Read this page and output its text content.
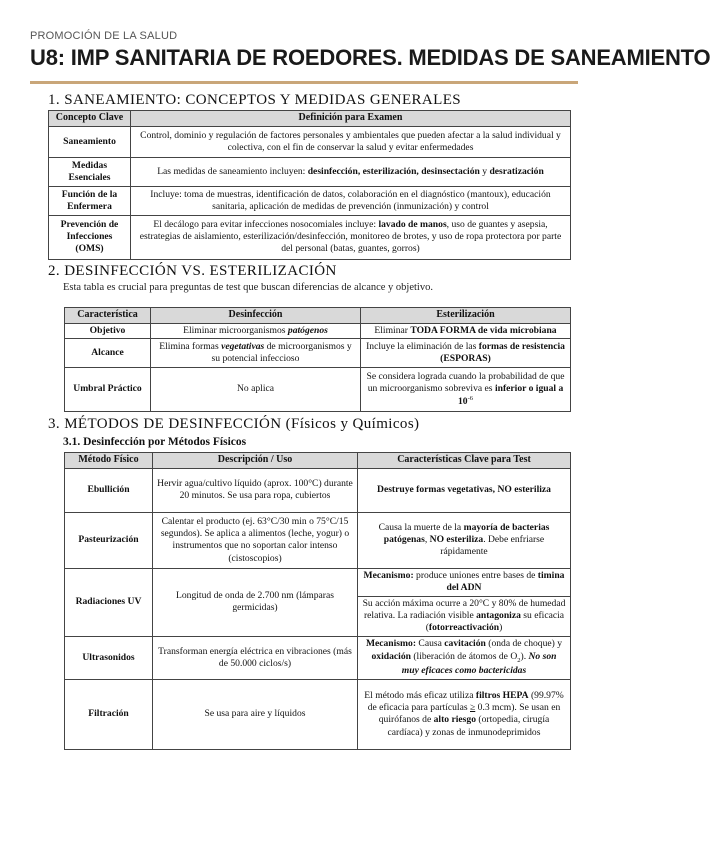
PROMOCIÓN DE LA SALUD
U8: IMP SANITARIA DE ROEDORES. MEDIDAS DE SANEAMIENTO
1. SANEAMIENTO: CONCEPTOS Y MEDIDAS GENERALES
Concepto Clave	Definición para Examen
Saneamiento	Control, dominio y regulación de factores personales y ambientales que pueden afectar a la salud individual y colectiva, con el fin de conservar la salud y evitar enfermedades
Medidas Esenciales	Las medidas de saneamiento incluyen: desinfección, esterilización, desinsectación y desratización
Función de la Enfermera	Incluye: toma de muestras, identificación de datos, colaboración en el diagnóstico (mantoux), educación sanitaria, aplicación de medidas de prevención (inmunización) y control
Prevención de Infecciones (OMS)	El decálogo para evitar infecciones nosocomiales incluye: lavado de manos, uso de guantes y asepsia, estrategias de aislamiento, esterilización/desinfección, monitoreo de brotes, y uso de ropa protectora por parte del personal (batas, guantes, gorros)
2. DESINFECCIÓN VS. ESTERILIZACIÓN
Esta tabla es crucial para preguntas de test que buscan diferencias de alcance y objetivo.
Característica	Desinfección	Esterilización
Objetivo	Eliminar microorganismos patógenos	Eliminar TODA FORMA de vida microbiana
Alcance	Elimina formas vegetativas de microorganismos y su potencial infeccioso	Incluye la eliminación de las formas de resistencia (ESPORAS)
Umbral Práctico	No aplica	Se considera lograda cuando la probabilidad de que un microorganismo sobreviva es inferior o igual a $10^{-6}$
3. MÉTODOS DE DESINFECCIÓN (Físicos y Químicos)
3.1. Desinfección por Métodos Físicos
Método Físico	Descripción / Uso	Características Clave para Test
Ebullición	Hervir agua/cultivo líquido (aprox. 100°C) durante 20 minutos. Se usa para ropa, cubiertos	Destruye formas vegetativas, NO esteriliza
Pasteurización	Calentar el producto (ej. 63°C/30 min o 75°C/15 segundos). Se aplica a alimentos (leche, yogur) o instrumentos que no soportan calor intenso (cistoscopios)	Causa la muerte de la mayoría de bacterias patógenas, NO esteriliza. Debe enfriarse rápidamente
Radiaciones UV	Longitud de onda de 2.700 nm (lámparas germicidas)	Mecanismo: produce uniones entre bases de timina del ADN
		Su acción máxima ocurre a 20°C y 80% de humedad relativa. La radiación visible antagoniza su eficacia (fotorreactivación)
Ultrasonidos	Transforman energía eléctrica en vibraciones (más de 50.000 ciclos/s)	Mecanismo: Causa cavitación (onda de choque) y oxidación (liberación de átomos de $O_2$). No son muy eficaces como bactericidas
Filtración	Se usa para aire y líquidos	El método más eficaz utiliza filtros HEPA (99.97% de eficacia para partículas ≥ 0.3 mcm). Se usan en quirófanos de alto riesgo (ortopedia, cirugía cardíaca) y zonas de inmunodeprimidos
